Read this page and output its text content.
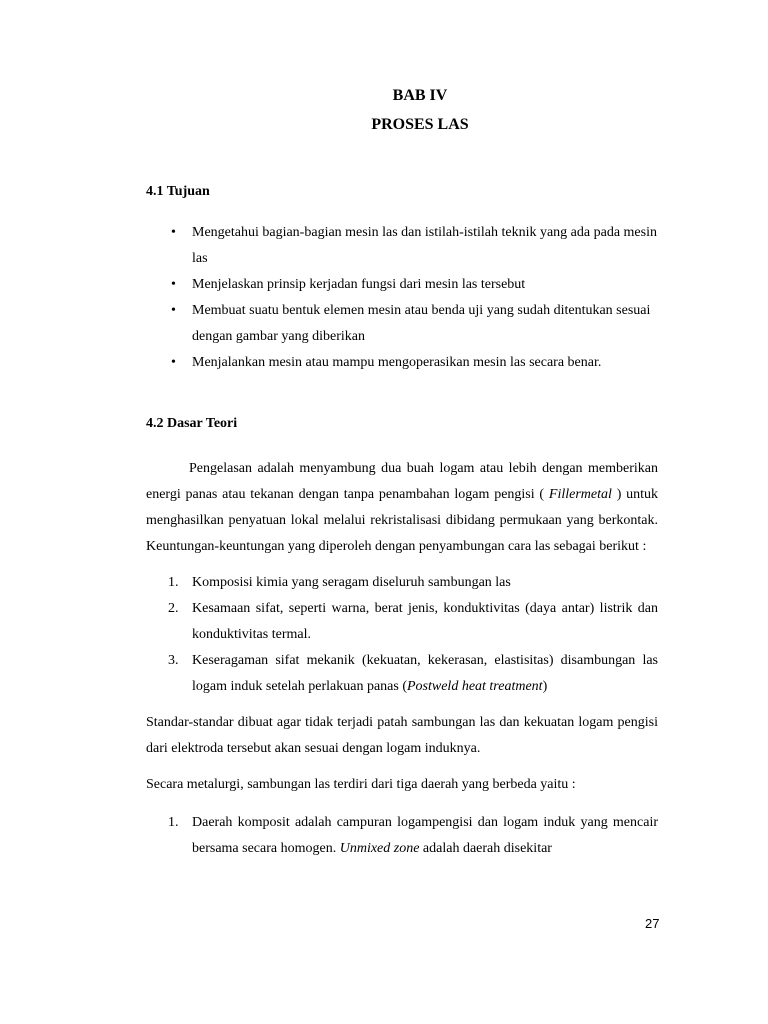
BAB IV
PROSES LAS
4.1 Tujuan
• Mengetahui bagian-bagian mesin las dan istilah-istilah teknik yang ada pada mesin las
• Menjelaskan prinsip kerjadan fungsi dari mesin las tersebut
• Membuat suatu bentuk elemen mesin atau benda uji yang sudah ditentukan sesuai dengan gambar yang diberikan
• Menjalankan mesin atau mampu mengoperasikan mesin las secara benar.
4.2 Dasar Teori

Pengelasan adalah menyambung dua buah logam atau lebih dengan memberikan energi panas atau tekanan dengan tanpa penambahan logam pengisi ( Fillermetal ) untuk menghasilkan penyatuan lokal melalui rekristalisasi dibidang permukaan yang berkontak. Keuntungan-keuntungan yang diperoleh dengan penyambungan cara las sebagai berikut :

1. Komposisi kimia yang seragam diseluruh sambungan las
2. Kesamaan sifat, seperti warna, berat jenis, konduktivitas (daya antar) listrik dan konduktivitas termal.
3. Keseragaman sifat mekanik (kekuatan, kekerasan, elastisitas) disambungan las logam induk setelah perlakuan panas (Postweld heat treatment)

Standar-standar dibuat agar tidak terjadi patah sambungan las dan kekuatan logam pengisi dari elektroda tersebut akan sesuai dengan logam induknya.

Secara metalurgi, sambungan las terdiri dari tiga daerah yang berbeda yaitu :

1. Daerah komposit adalah campuran logampengisi dan logam induk yang mencair bersama secara homogen. Unmixed zone adalah daerah disekitar
27
